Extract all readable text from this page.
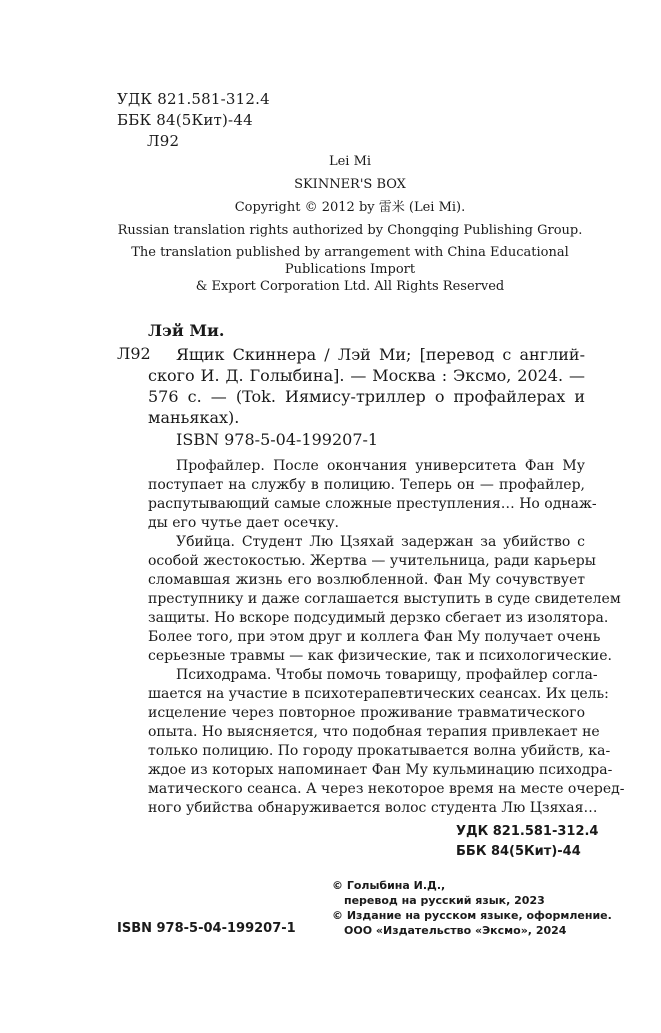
УДК 821.581-312.4
ББК 84(5Кит)-44
Л92
Lei Mi
SKINNER'S BOX
Copyright © 2012 by 雷米 (Lei Mi).
Russian translation rights authorized by Chongqing Publishing Group.
The translation published by arrangement with China Educational
Publications Import
& Export Corporation Ltd. All Rights Reserved
Лэй Ми.
Л92 Ящик Скиннера / Лэй Ми; [перевод с англий-
ского И. Д. Голыбина]. — Москва : Эксмо, 2024. —
576 с. — (Tok. Иямису-триллер о профайлерах и
маньяках).
ISBN 978-5-04-199207-1
Профайлер. После окончания университета Фан Му
поступает на службу в полицию. Теперь он — профайлер,
распутывающий самые сложные преступления… Но однаж-
ды его чутье дает осечку.
Убийца. Студент Лю Цзяхай задержан за убийство с
особой жестокостью. Жертва — учительница, ради карьеры
сломавшая жизнь его возлюбленной. Фан Му сочувствует
преступнику и даже соглашается выступить в суде свидетелем
защиты. Но вскоре подсудимый дерзко сбегает из изолятора.
Более того, при этом друг и коллега Фан Му получает очень
серьезные травмы — как физические, так и психологические.
Психодрама. Чтобы помочь товарищу, профайлер согла-
шается на участие в психотерапевтических сеансах. Их цель:
исцеление через повторное проживание травматического
опыта. Но выясняется, что подобная терапия привлекает не
только полицию. По городу прокатывается волна убийств, ка-
ждое из которых напоминает Фан Му кульминацию психодра-
матического сеанса. А через некоторое время на месте очеред-
ного убийства обнаруживается волос студента Лю Цзяхая…
УДК 821.581-312.4
ББК 84(5Кит)-44
© Голыбина И.Д.,
перевод на русский язык, 2023
© Издание на русском языке, оформление.
ООО «Издательство «Эксмо», 2024
ISBN 978-5-04-199207-1
